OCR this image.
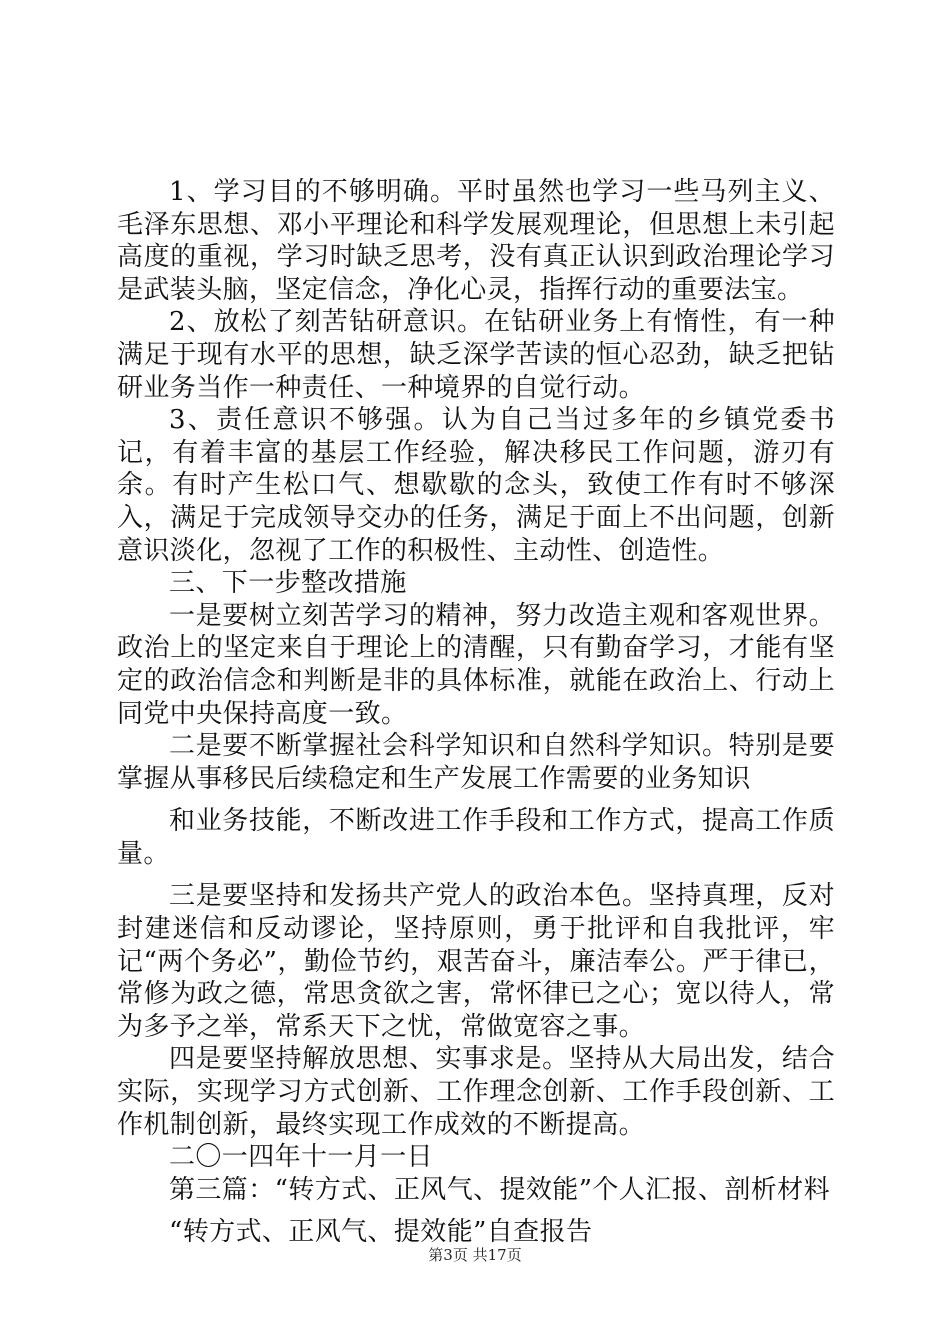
1、学习目的不够明确。平时虽然也学习一些马列主义、毛泽东思想、邓小平理论和科学发展观理论，但思想上未引起高度的重视，学习时缺乏思考，没有真正认识到政治理论学习是武装头脑，坚定信念，净化心灵，指挥行动的重要法宝。

2、放松了刻苦钻研意识。在钻研业务上有惰性，有一种满足于现有水平的思想，缺乏深学苦读的恒心忍劲，缺乏把钻研业务当作一种责任、一种境界的自觉行动。

3、责任意识不够强。认为自己当过多年的乡镇党委书记，有着丰富的基层工作经验，解决移民工作问题，游刃有余。有时产生松口气、想歇歇的念头，致使工作有时不够深入，满足于完成领导交办的任务，满足于面上不出问题，创新意识淡化，忽视了工作的积极性、主动性、创造性。

三、下一步整改措施

一是要树立刻苦学习的精神，努力改造主观和客观世界。政治上的坚定来自于理论上的清醒，只有勤奋学习，才能有坚定的政治信念和判断是非的具体标准，就能在政治上、行动上同党中央保持高度一致。

二是要不断掌握社会科学知识和自然科学知识。特别是要掌握从事移民后续稳定和生产发展工作需要的业务知识

和业务技能，不断改进工作手段和工作方式，提高工作质量。

三是要坚持和发扬共产党人的政治本色。坚持真理，反对封建迷信和反动谬论，坚持原则，勇于批评和自我批评，牢记“两个务必”，勤俭节约，艰苦奋斗，廉洁奉公。严于律已，常修为政之德，常思贪欲之害，常怀律已之心；宽以待人，常为多予之举，常系天下之忧，常做宽容之事。

四是要坚持解放思想、实事求是。坚持从大局出发，结合实际，实现学习方式创新、工作理念创新、工作手段创新、工作机制创新，最终实现工作成效的不断提高。

二〇一四年十一月一日

第三篇：“转方式、正风气、提效能”个人汇报、剖析材料

“转方式、正风气、提效能”自查报告

第3页 共17页
